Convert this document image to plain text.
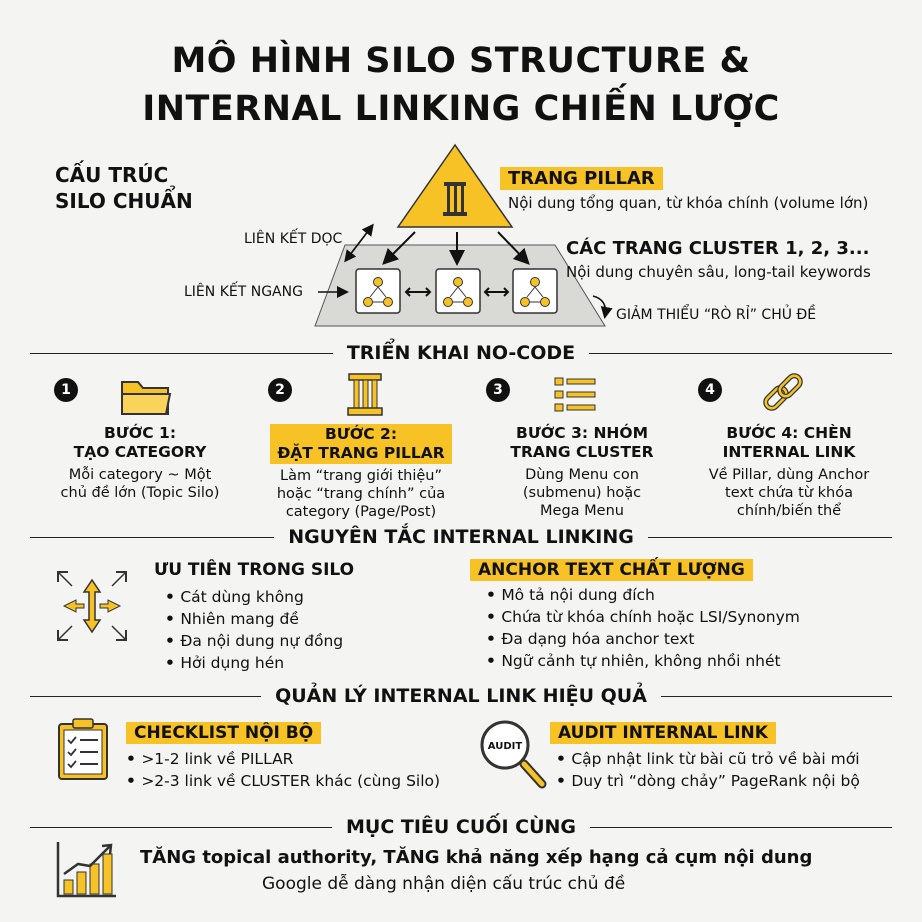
MÔ HÌNH SILO STRUCTURE &
INTERNAL LINKING CHIẾN LƯỢC
CẤU TRÚC
SILO CHUẨN
TRANG PILLAR
Nội dung tổng quan, từ khóa chính (volume lớn)
CÁC TRANG CLUSTER 1, 2, 3...
Nội dung chuyên sâu, long-tail keywords
LIÊN KẾT DỌC
LIÊN KẾT NGANG
GIẢM THIỂU “RÒ RỈ” CHỦ ĐỀ
TRIỂN KHAI NO-CODE
1	2	3	4
BƯỚC 1:
TẠO CATEGORY
Mỗi category ~ Một
chủ đề lớn (Topic Silo)
BƯỚC 2:
ĐẶT TRANG PILLAR
Làm “trang giới thiệu”
hoặc “trang chính” của
category (Page/Post)
BƯỚC 3: NHÓM
TRANG CLUSTER
Dùng Menu con
(submenu) hoặc
Mega Menu
BƯỚC 4: CHÈN
INTERNAL LINK
Về Pillar, dùng Anchor
text chứa từ khóa
chính/biến thể
NGUYÊN TẮC INTERNAL LINKING
ƯU TIÊN TRONG SILO
• Cát dùng không
• Nhiên mang đề
• Đa nội dung nự đồng
• Hởi dụng hén
ANCHOR TEXT CHẤT LƯỢNG
• Mô tả nội dung đích
• Chứa từ khóa chính hoặc LSI/Synonym
• Đa dạng hóa anchor text
• Ngữ cảnh tự nhiên, không nhồi nhét
QUẢN LÝ INTERNAL LINK HIỆU QUẢ
CHECKLIST NỘI BỘ
• >1-2 link về PILLAR
• >2-3 link về CLUSTER khác (cùng Silo)
AUDIT
AUDIT INTERNAL LINK
• Cập nhật link từ bài cũ trỏ về bài mới
• Duy trì “dòng chảy” PageRank nội bộ
MỤC TIÊU CUỐI CÙNG
TĂNG topical authority, TĂNG khả năng xếp hạng cả cụm nội dung
Google dễ dàng nhận diện cấu trúc chủ đề
